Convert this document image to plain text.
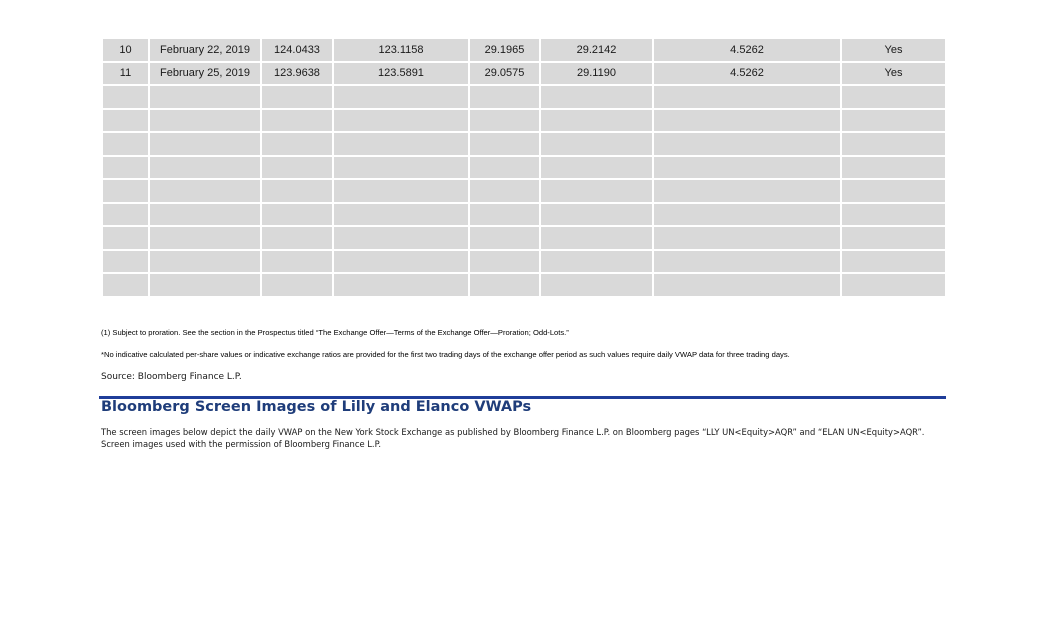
10	February 22, 2019	124.0433	123.1158	29.1965	29.2142	4.5262	Yes
11	February 25, 2019	123.9638	123.5891	29.0575	29.1190	4.5262	Yes

(1) Subject to proration. See the section in the Prospectus titled “The Exchange Offer—Terms of the Exchange Offer—Proration; Odd-Lots.”
*No indicative calculated per-share values or indicative exchange ratios are provided for the first two trading days of the exchange offer period as such values require daily VWAP data for three trading days.
Source: Bloomberg Finance L.P.
Bloomberg Screen Images of Lilly and Elanco VWAPs
The screen images below depict the daily VWAP on the New York Stock Exchange as published by Bloomberg Finance L.P. on Bloomberg pages “LLY UN<Equity>AQR” and “ELAN UN<Equity>AQR”.
Screen images used with the permission of Bloomberg Finance L.P.
